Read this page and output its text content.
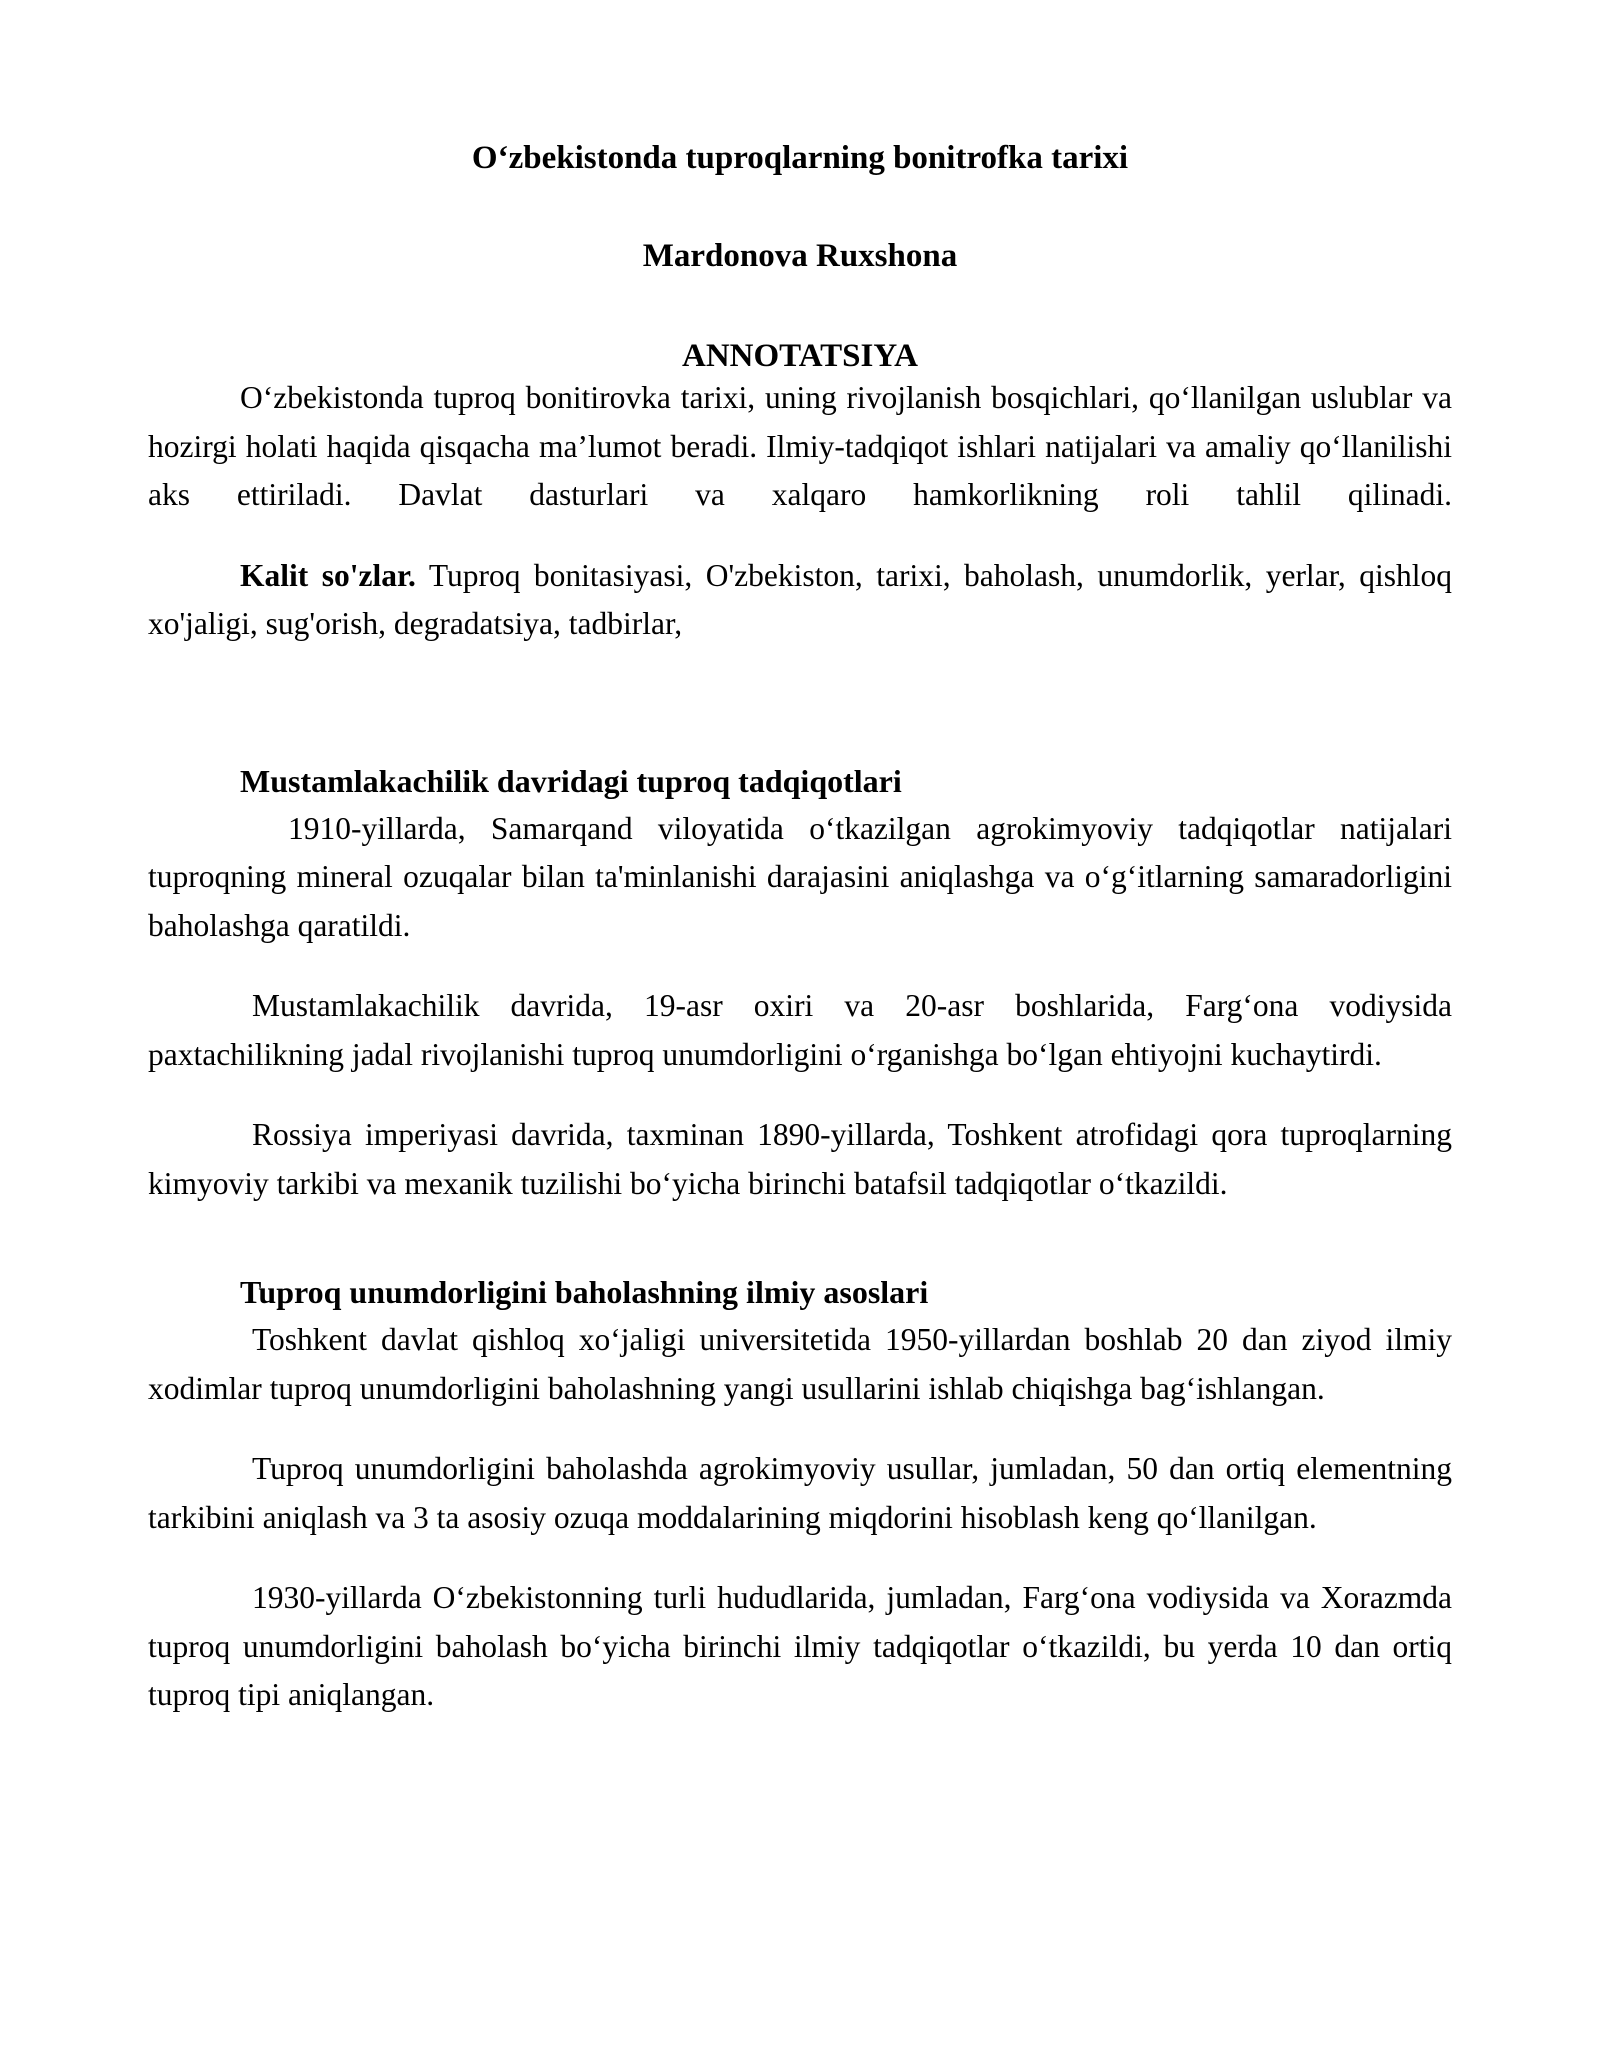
O‘zbekistonda tuproqlarning bonitrofka tarixi
Mardonova Ruxshona
ANNOTATSIYA

O‘zbekistonda tuproq bonitirovka tarixi, uning rivojlanish bosqichlari, qo‘llanilgan uslublar va hozirgi holati haqida qisqacha ma’lumot beradi. Ilmiy-tadqiqot ishlari natijalari va amaliy qo‘llanilishi aks ettiriladi. Davlat dasturlari va xalqaro hamkorlikning roli tahlil qilinadi.

Kalit so'zlar. Tuproq bonitasiyasi, O'zbekiston, tarixi, baholash, unumdorlik, yerlar, qishloq xo'jaligi, sug'orish, degradatsiya, tadbirlar,

Mustamlakachilik davridagi tuproq tadqiqotlari

1910-yillarda, Samarqand viloyatida o‘tkazilgan agrokimyoviy tadqiqotlar natijalari tuproqning mineral ozuqalar bilan ta'minlanishi darajasini aniqlashga va o‘g‘itlarning samaradorligini baholashga qaratildi.

Mustamlakachilik davrida, 19-asr oxiri va 20-asr boshlarida, Farg‘ona vodiysida paxtachilikning jadal rivojlanishi tuproq unumdorligini o‘rganishga bo‘lgan ehtiyojni kuchaytirdi.

Rossiya imperiyasi davrida, taxminan 1890-yillarda, Toshkent atrofidagi qora tuproqlarning kimyoviy tarkibi va mexanik tuzilishi bo‘yicha birinchi batafsil tadqiqotlar o‘tkazildi.

Tuproq unumdorligini baholashning ilmiy asoslari

Toshkent davlat qishloq xo‘jaligi universitetida 1950-yillardan boshlab 20 dan ziyod ilmiy xodimlar tuproq unumdorligini baholashning yangi usullarini ishlab chiqishga bag‘ishlangan.

Tuproq unumdorligini baholashda agrokimyoviy usullar, jumladan, 50 dan ortiq elementning tarkibini aniqlash va 3 ta asosiy ozuqa moddalarining miqdorini hisoblash keng qo‘llanilgan.

1930-yillarda O‘zbekistonning turli hududlarida, jumladan, Farg‘ona vodiysida va Xorazmda tuproq unumdorligini baholash bo‘yicha birinchi ilmiy tadqiqotlar o‘tkazildi, bu yerda 10 dan ortiq tuproq tipi aniqlangan.
